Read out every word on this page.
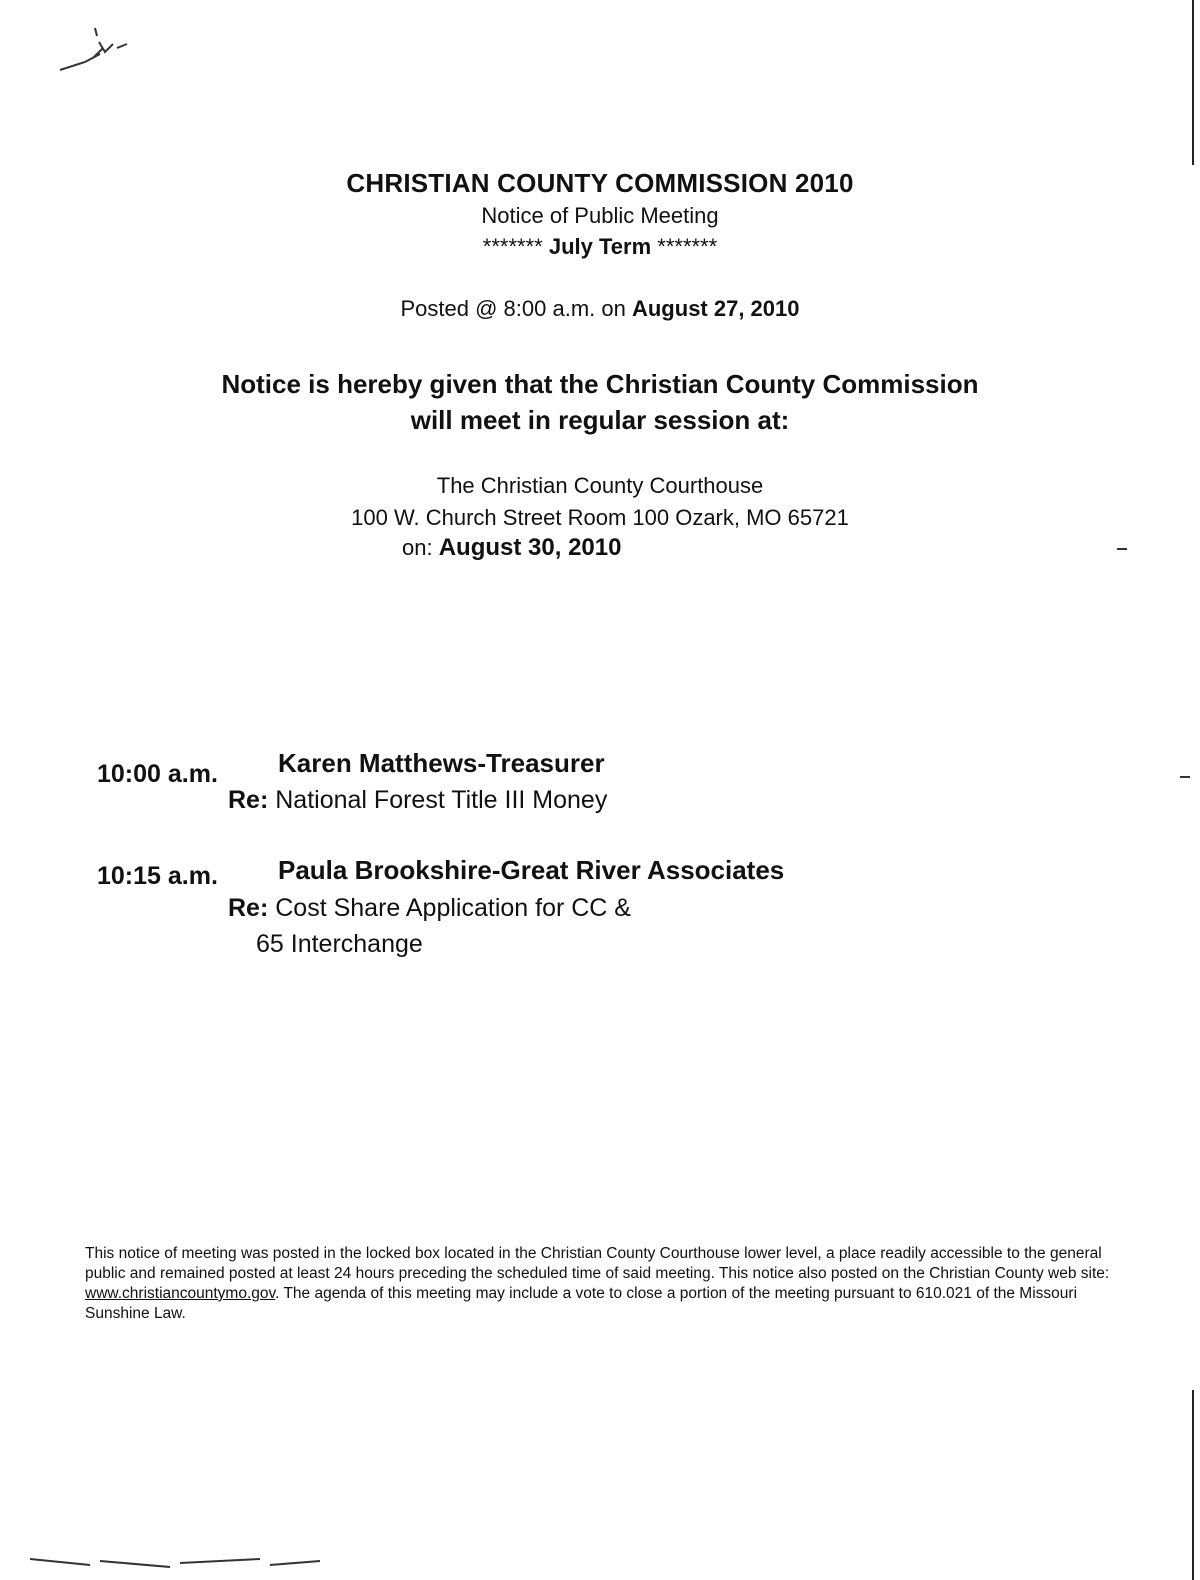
CHRISTIAN COUNTY COMMISSION 2010
Notice of Public Meeting
******* July Term *******
Posted @ 8:00 a.m. on August 27, 2010
Notice is hereby given that the Christian County Commission
will meet in regular session at:
The Christian County Courthouse
100 W. Church Street Room 100 Ozark, MO 65721
on: August 30, 2010
10:00 a.m. Karen Matthews-Treasurer
Re: National Forest Title III Money
10:15 a.m. Paula Brookshire-Great River Associates
Re: Cost Share Application for CC &
65 Interchange
This notice of meeting was posted in the locked box located in the Christian County Courthouse lower level, a place readily accessible to the general public and remained posted at least 24 hours preceding the scheduled time of said meeting. This notice also posted on the Christian County web site: www.christiancountymo.gov. The agenda of this meeting may include a vote to close a portion of the meeting pursuant to 610.021 of the Missouri Sunshine Law.
